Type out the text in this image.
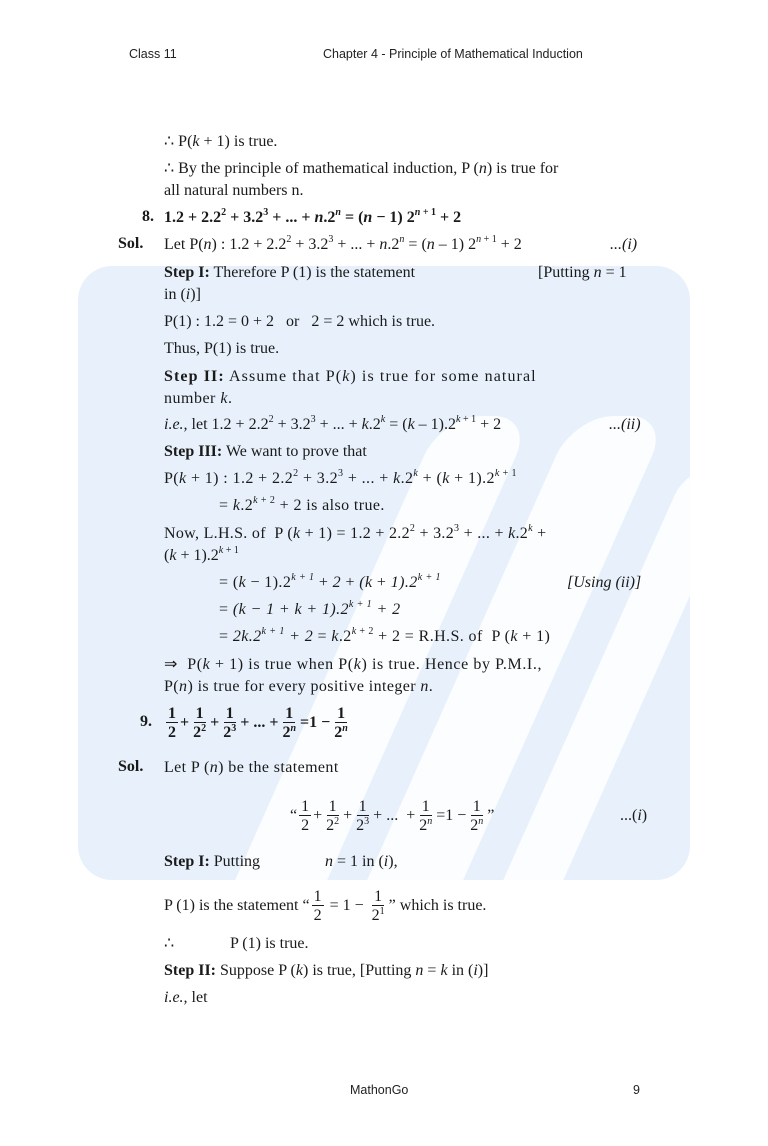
Class 11	Chapter 4 - Principle of Mathematical Induction
∴ P(k + 1) is true.
∴ By the principle of mathematical induction, P (n) is true for
all natural numbers n.
8. $1.2 + 2.2^2 + 3.2^3$ + ... + $n.2^n = (n - 1) 2^{n + 1} + 2$
Sol. Let P(n) : $1.2 + 2.2^2 + 3.2^3$ + ... + $n.2^n = (n - 1) 2^{n + 1} + 2$	...(i)
Step I: Therefore P (1) is the statement	[Putting n = 1
in (i)]
P(1) : 1.2 = 0 + 2   or   2 = 2 which is true.
Thus, P(1) is true.
Step II: Assume that P(k) is true for some natural
number k.
i.e., let $1.2 + 2.2^2 + 3.2^3$ + ... + $k.2^k = (k - 1).2^{k + 1} + 2$	...(ii)
Step III: We want to prove that
P(k + 1) : $1.2 + 2.2^2 + 3.2^3$ + ... + $k.2^k + (k + 1).2^{k + 1}$
= $k.2^{k + 2} + 2$ is also true.
Now, L.H.S. of  P $(k + 1) = 1.2 + 2.2^2 + 3.2^3$ + ... + $k.2^k$ +
$(k + 1).2^{k + 1}$
= $(k - 1).2^{k + 1} + 2 + (k + 1).2^{k + 1}$	[Using (ii)]
= $(k - 1 + k + 1).2^{k + 1} + 2$
= $2k.2^{k + 1} + 2 = k.2^{k + 2} + 2 = R.H.S$. of  P (k + 1)
⇒  P(k + 1) is true when P(k) is true. Hence by P.M.I.,
P(n) is true for every positive integer n.
9. $\frac{1}{2} + \frac{1}{2^2} + \frac{1}{2^3}$ + ... + $\frac{1}{2^n} =1 - \frac{1}{2^n}$
Sol. Let P (n) be the statement
“ $\frac{1}{2} + \frac{1}{2^2} + \frac{1}{2^3}$ + ...  + $\frac{1}{2^n} =1 - \frac{1}{2^n}$ ”	...(i)
Step I: Putting	n = 1 in (i),
P (1) is the statement “ $\frac{1}{2} = 1 - \frac{1}{2^1}$ ” which is true.
∴	P (1) is true.
Step II: Suppose P (k) is true, [Putting n = k in (i)]
i.e., let
MathonGo	9
